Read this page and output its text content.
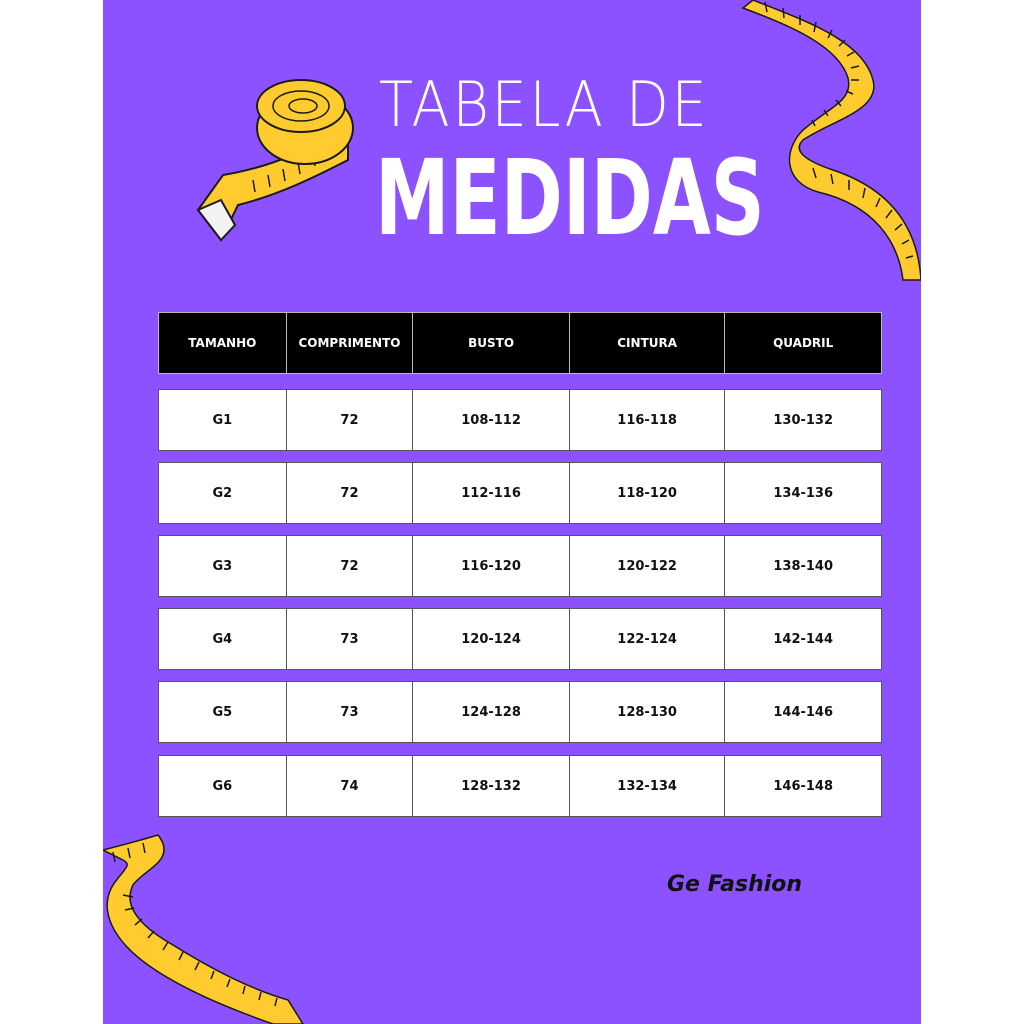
TABELA DE
MEDIDAS
TAMANHO	COMPRIMENTO	BUSTO	CINTURA	QUADRIL
G1	72	108-112	116-118	130-132
G2	72	112-116	118-120	134-136
G3	72	116-120	120-122	138-140
G4	73	120-124	122-124	142-144
G5	73	124-128	128-130	144-146
G6	74	128-132	132-134	146-148
Ge Fashion
